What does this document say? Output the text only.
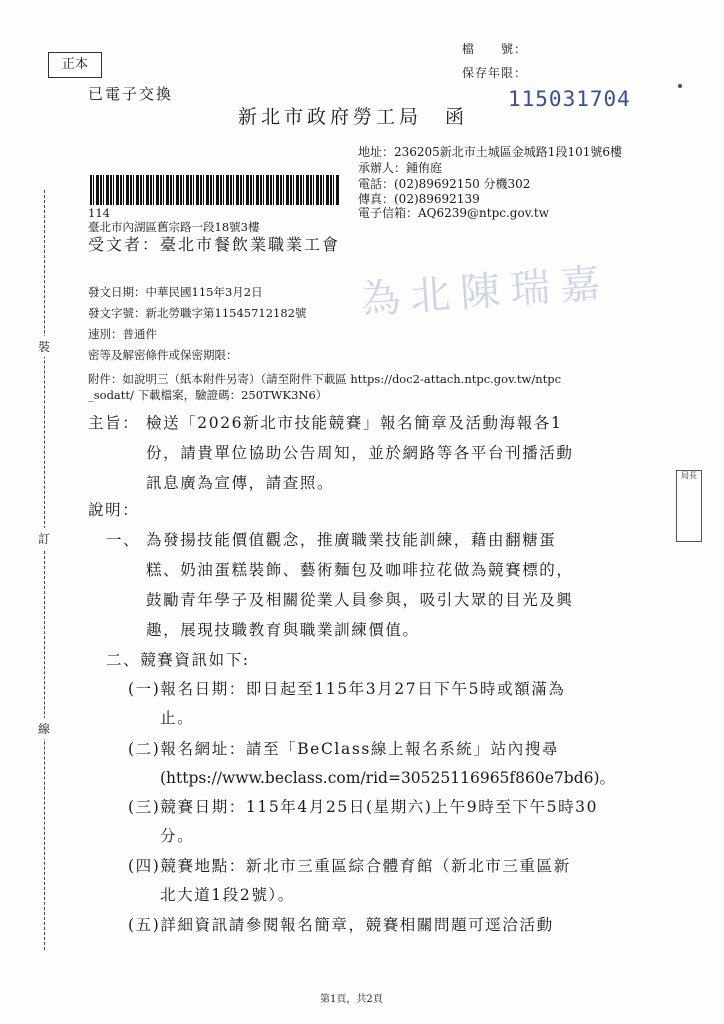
正本
已電子交換
檔　　號：
保存年限：
新北市政府勞工局　函
115031704
地址：236205新北市土城區金城路1段101號6樓
承辦人：鍾侑庭
電話：(02)89692150 分機302
傳真：(02)89692139
電子信箱：AQ6239@ntpc.gov.tw
114
臺北市內湖區舊宗路一段18號3樓
受文者：臺北市餐飲業職業工會
為北陳瑞嘉
局長
發文日期：中華民國115年3月2日
發文字號：新北勞職字第11545712182號
速別：普通件
密等及解密條件或保密期限：
附件：如說明三（紙本附件另寄）（請至附件下載區 https://doc2-attach.ntpc.gov.tw/ntpc
_sodatt/ 下載檔案，驗證碼：250TWK3N6）
主旨： 檢送「2026新北市技能競賽」報名簡章及活動海報各1
份，請貴單位協助公告周知，並於網路等各平台刊播活動
訊息廣為宣傳，請查照。
說明：
一、 為發揚技能價值觀念，推廣職業技能訓練，藉由翻糖蛋
糕、奶油蛋糕裝飾、藝術麵包及咖啡拉花做為競賽標的，
鼓勵青年學子及相關從業人員參與，吸引大眾的目光及興
趣，展現技職教育與職業訓練價值。
二、競賽資訊如下:
(一)報名日期：即日起至115年3月27日下午5時或額滿為
止。
(二)報名網址：請至「BeClass線上報名系統」站內搜尋
(https://www.beclass.com/rid=30525116965f860e7bd6)。
(三)競賽日期：115年4月25日(星期六)上午9時至下午5時30
分。
(四)競賽地點：新北市三重區綜合體育館（新北市三重區新
北大道1段2號）。
(五)詳細資訊請參閱報名簡章，競賽相關問題可逕洽活動
裝
訂
線
第1頁，共2頁
